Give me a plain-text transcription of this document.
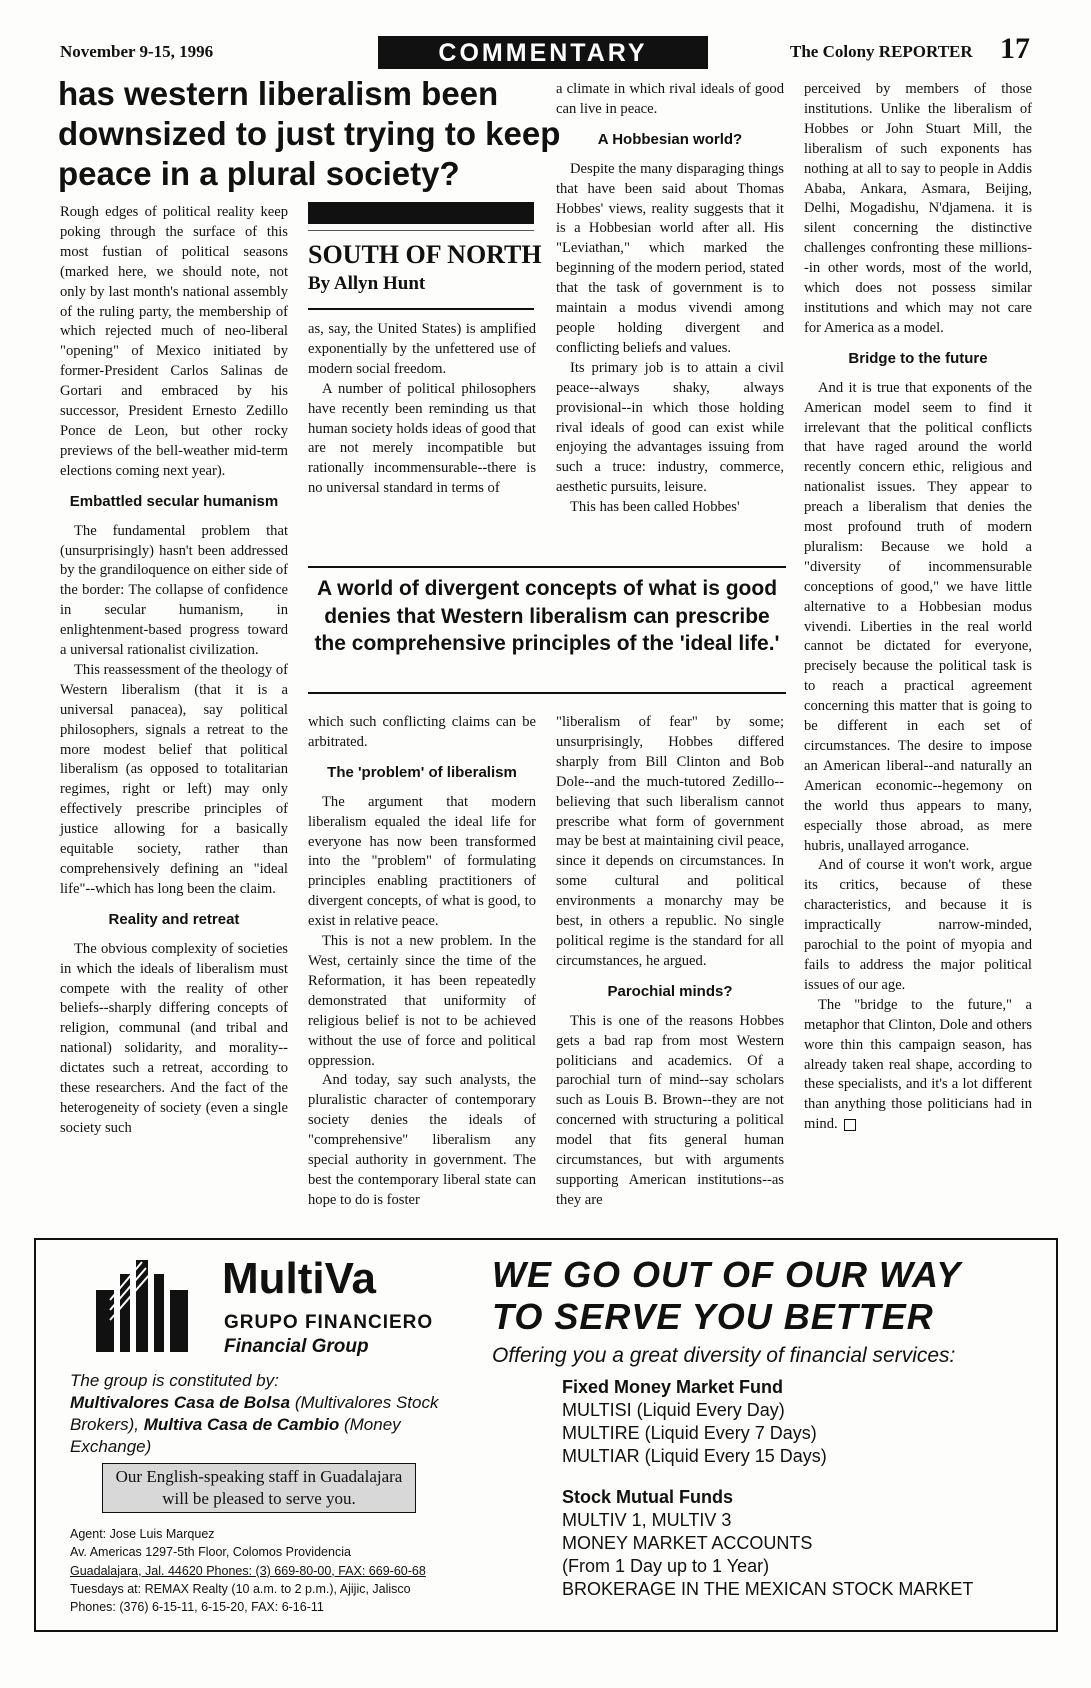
November 9-15, 1996	COMMENTARY	The Colony REPORTER 17
has western liberalism been downsized to just trying to keep peace in a plural society?

Rough edges of political reality keep poking through the surface of this most fustian of political seasons (marked here, we should note, not only by last month's national assembly of the ruling party, the membership of which rejected much of neo-liberal "opening" of Mexico initiated by former-President Carlos Salinas de Gortari and embraced by his successor, President Ernesto Zedillo Ponce de Leon, but other rocky previews of the bell-weather mid-term elections coming next year).

Embattled secular humanism

The fundamental problem that (unsurprisingly) hasn't been addressed by the grandiloquence on either side of the border: The collapse of confidence in secular humanism, in enlightenment-based progress toward a universal rationalist civilization.

This reassessment of the theology of Western liberalism (that it is a universal panacea), say political philosophers, signals a retreat to the more modest belief that political liberalism (as opposed to totalitarian regimes, right or left) may only effectively prescribe principles of justice allowing for a basically equitable society, rather than comprehensively defining an "ideal life"--which has long been the claim.

Reality and retreat

The obvious complexity of societies in which the ideals of liberalism must compete with the reality of other beliefs--sharply differing concepts of religion, communal (and tribal and national) solidarity, and morality--dictates such a retreat, according to these researchers. And the fact of the heterogeneity of society (even a single society such

SOUTH OF NORTH
By Allyn Hunt

as, say, the United States) is amplified exponentially by the unfettered use of modern social freedom.

A number of political philosophers have recently been reminding us that human society holds ideas of good that are not merely incompatible but rationally incommensurable--there is no universal standard in terms of

a climate in which rival ideals of good can live in peace.

A Hobbesian world?

Despite the many disparaging things that have been said about Thomas Hobbes' views, reality suggests that it is a Hobbesian world after all. His "Leviathan," which marked the beginning of the modern period, stated that the task of government is to maintain a modus vivendi among people holding divergent and conflicting beliefs and values.

Its primary job is to attain a civil peace--always shaky, always provisional--in which those holding rival ideals of good can exist while enjoying the advantages issuing from such a truce: industry, commerce, aesthetic pursuits, leisure.

This has been called Hobbes'

perceived by members of those institutions. Unlike the liberalism of Hobbes or John Stuart Mill, the liberalism of such exponents has nothing at all to say to people in Addis Ababa, Ankara, Asmara, Beijing, Delhi, Mogadishu, N'djamena. it is silent concerning the distinctive challenges confronting these millions--in other words, most of the world, which does not possess similar institutions and which may not care for America as a model.

Bridge to the future

And it is true that exponents of the American model seem to find it irrelevant that the political conflicts that have raged around the world recently concern ethic, religious and nationalist issues. They appear to preach a liberalism that denies the most profound truth of modern pluralism: Because we hold a "diversity of incommensurable conceptions of good," we have little alternative to a Hobbesian modus vivendi. Liberties in the real world cannot be dictated for everyone, precisely because the political task is to reach a practical agreement concerning this matter that is going to be different in each set of circumstances. The desire to impose an American liberal--and naturally an American economic--hegemony on the world thus appears to many, especially those abroad, as mere hubris, unallayed arrogance.

And of course it won't work, argue its critics, because of these characteristics, and because it is impractically narrow-minded, parochial to the point of myopia and fails to address the major political issues of our age.

The "bridge to the future," a metaphor that Clinton, Dole and others wore thin this campaign season, has already taken real shape, according to these specialists, and it's a lot different than anything those politicians had in mind.

A world of divergent concepts of what is good denies that Western liberalism can prescribe the comprehensive principles of the 'ideal life.'

which such conflicting claims can be arbitrated.

The 'problem' of liberalism

The argument that modern liberalism equaled the ideal life for everyone has now been transformed into the "problem" of formulating principles enabling practitioners of divergent concepts, of what is good, to exist in relative peace.

This is not a new problem. In the West, certainly since the time of the Reformation, it has been repeatedly demonstrated that uniformity of religious belief is not to be achieved without the use of force and political oppression.

And today, say such analysts, the pluralistic character of contemporary society denies the ideals of "comprehensive" liberalism any special authority in government. The best the contemporary liberal state can hope to do is foster

"liberalism of fear" by some; unsurprisingly, Hobbes differed sharply from Bill Clinton and Bob Dole--and the much-tutored Zedillo--believing that such liberalism cannot prescribe what form of government may be best at maintaining civil peace, since it depends on circumstances. In some cultural and political environments a monarchy may be best, in others a republic. No single political regime is the standard for all circumstances, he argued.

Parochial minds?

This is one of the reasons Hobbes gets a bad rap from most Western politicians and academics. Of a parochial turn of mind--say scholars such as Louis B. Brown--they are not concerned with structuring a political model that fits general human circumstances, but with arguments supporting American institutions--as they are

MultiVa
GRUPO FINANCIERO
Financial Group
The group is constituted by:
Multivalores Casa de Bolsa (Multivalores Stock Brokers), Multiva Casa de Cambio (Money Exchange)
Our English-speaking staff in Guadalajara will be pleased to serve you.
Agent: Jose Luis Marquez
Av. Americas 1297-5th Floor, Colomos Providencia
Guadalajara, Jal. 44620 Phones: (3) 669-80-00, FAX: 669-60-68
Tuesdays at: REMAX Realty (10 a.m. to 2 p.m.), Ajijic, Jalisco
Phones: (376) 6-15-11, 6-15-20, FAX: 6-16-11
WE GO OUT OF OUR WAY
TO SERVE YOU BETTER
Offering you a great diversity of financial services:
Fixed Money Market Fund
MULTISI (Liquid Every Day)
MULTIRE (Liquid Every 7 Days)
MULTIAR (Liquid Every 15 Days)
Stock Mutual Funds
MULTIV 1, MULTIV 3
MONEY MARKET ACCOUNTS
(From 1 Day up to 1 Year)
BROKERAGE IN THE MEXICAN STOCK MARKET
